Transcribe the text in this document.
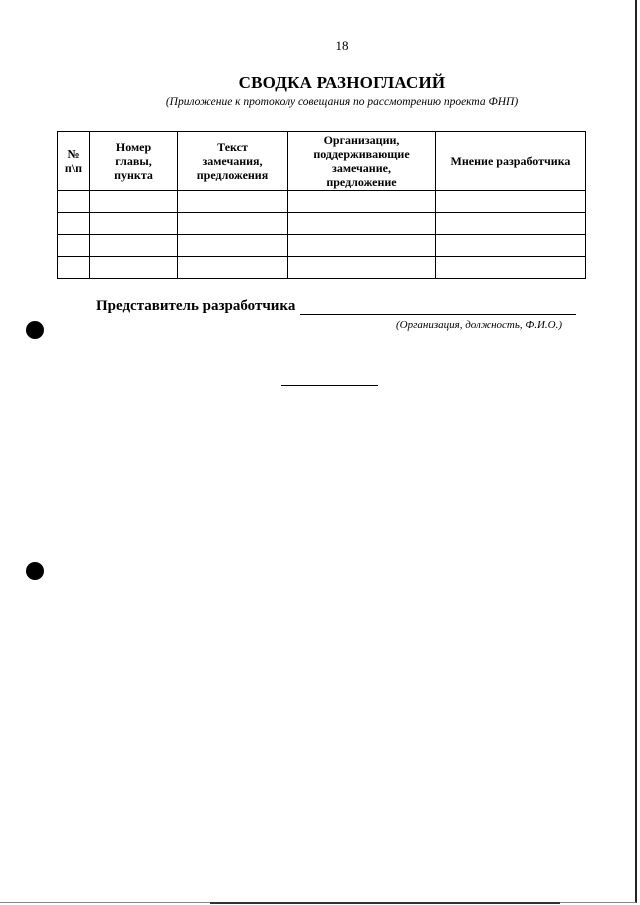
18
СВОДКА РАЗНОГЛАСИЙ
(Приложение к протоколу совещания по рассмотрению проекта ФНП)
№
п\п	Номер
главы,
пункта	Текст
замечания,
предложения	Организации,
поддерживающие
замечание,
предложение	Мнение разработчика

Представитель разработчика
(Организация, должность, Ф.И.О.)
